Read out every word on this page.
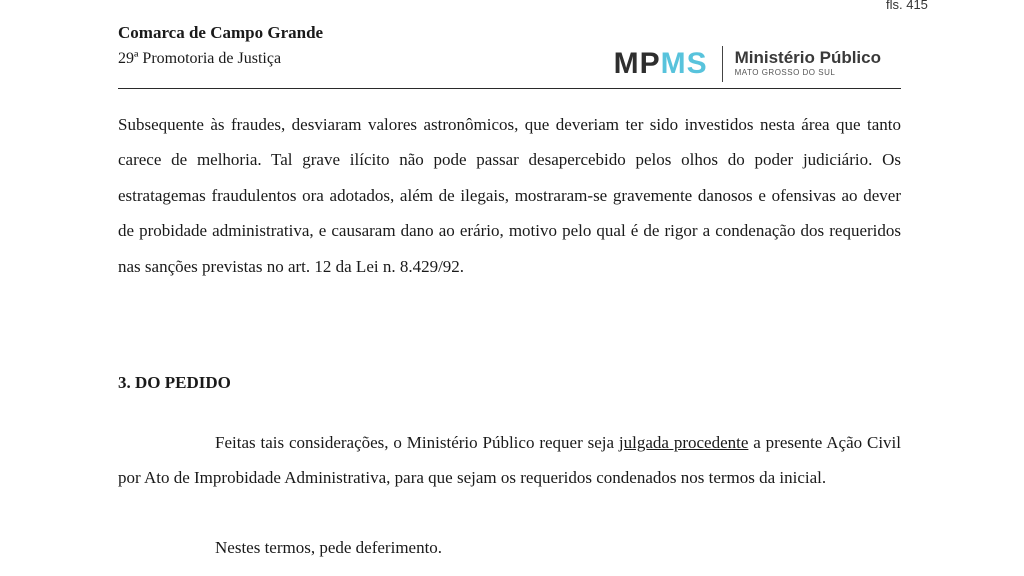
fls. 415
Comarca de Campo Grande
29ª Promotoria de Justiça	MPMS Ministério Público
MATO GROSSO DO SUL
Subsequente às fraudes, desviaram valores astronômicos, que deveriam ter sido investidos nesta área que tanto carece de melhoria. Tal grave ilícito não pode passar desapercebido pelos olhos do poder judiciário. Os estratagemas fraudulentos ora adotados, além de ilegais, mostraram-se gravemente danosos e ofensivas ao dever de probidade administrativa, e causaram dano ao erário, motivo pelo qual é de rigor a condenação dos requeridos nas sanções previstas no art. 12 da Lei n. 8.429/92.
3. DO PEDIDO
Feitas tais considerações, o Ministério Público requer seja julgada procedente a presente Ação Civil por Ato de Improbidade Administrativa, para que sejam os requeridos condenados nos termos da inicial.
Nestes termos, pede deferimento.
